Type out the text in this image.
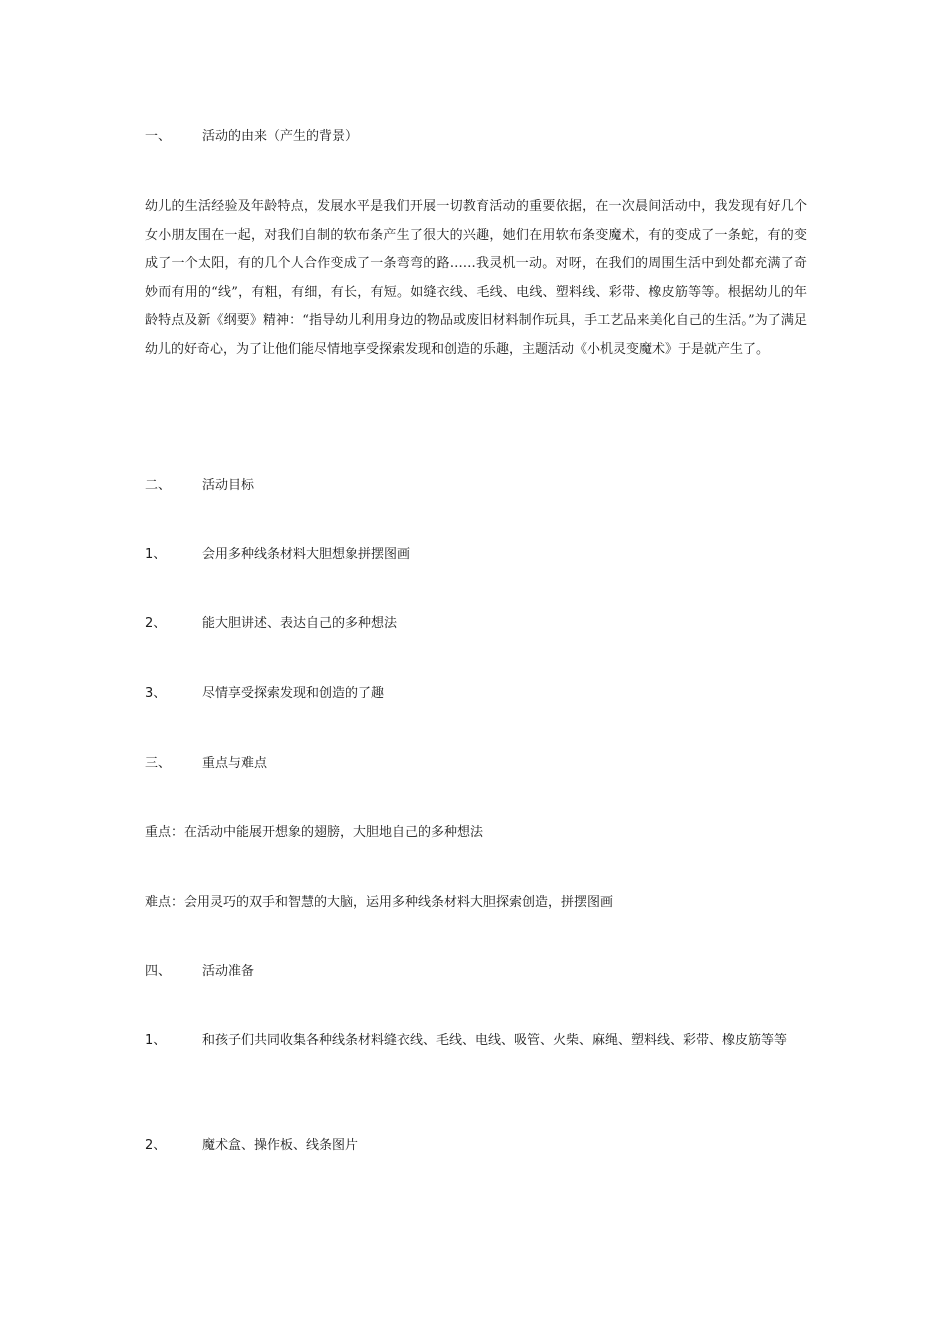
一、 活动的由来（产生的背景）
幼儿的生活经验及年龄特点，发展水平是我们开展一切教育活动的重要依据，在一次晨间活动中，我发现有好几个女小朋友围在一起，对我们自制的软布条产生了很大的兴趣，她们在用软布条变魔术，有的变成了一条蛇，有的变成了一个太阳，有的几个人合作变成了一条弯弯的路……我灵机一动。对呀，在我们的周围生活中到处都充满了奇妙而有用的“线”，有粗，有细，有长，有短。如缝衣线、毛线、电线、塑料线、彩带、橡皮筋等等。根据幼儿的年龄特点及新《纲要》精神：“指导幼儿利用身边的物品或废旧材料制作玩具，手工艺品来美化自己的生活。”为了满足幼儿的好奇心，为了让他们能尽情地享受探索发现和创造的乐趣，主题活动《小机灵变魔术》于是就产生了。
二、 活动目标
1、	会用多种线条材料大胆想象拼摆图画
2、	能大胆讲述、表达自己的多种想法
3、	尽情享受探索发现和创造的了趣
三、 重点与难点
重点：在活动中能展开想象的翅膀，大胆地自己的多种想法
难点：会用灵巧的双手和智慧的大脑，运用多种线条材料大胆探索创造，拼摆图画
四、 活动准备
1、	和孩子们共同收集各种线条材料缝衣线、毛线、电线、吸管、火柴、麻绳、塑料线、彩带、橡皮筋等等
2、	魔术盒、操作板、线条图片
